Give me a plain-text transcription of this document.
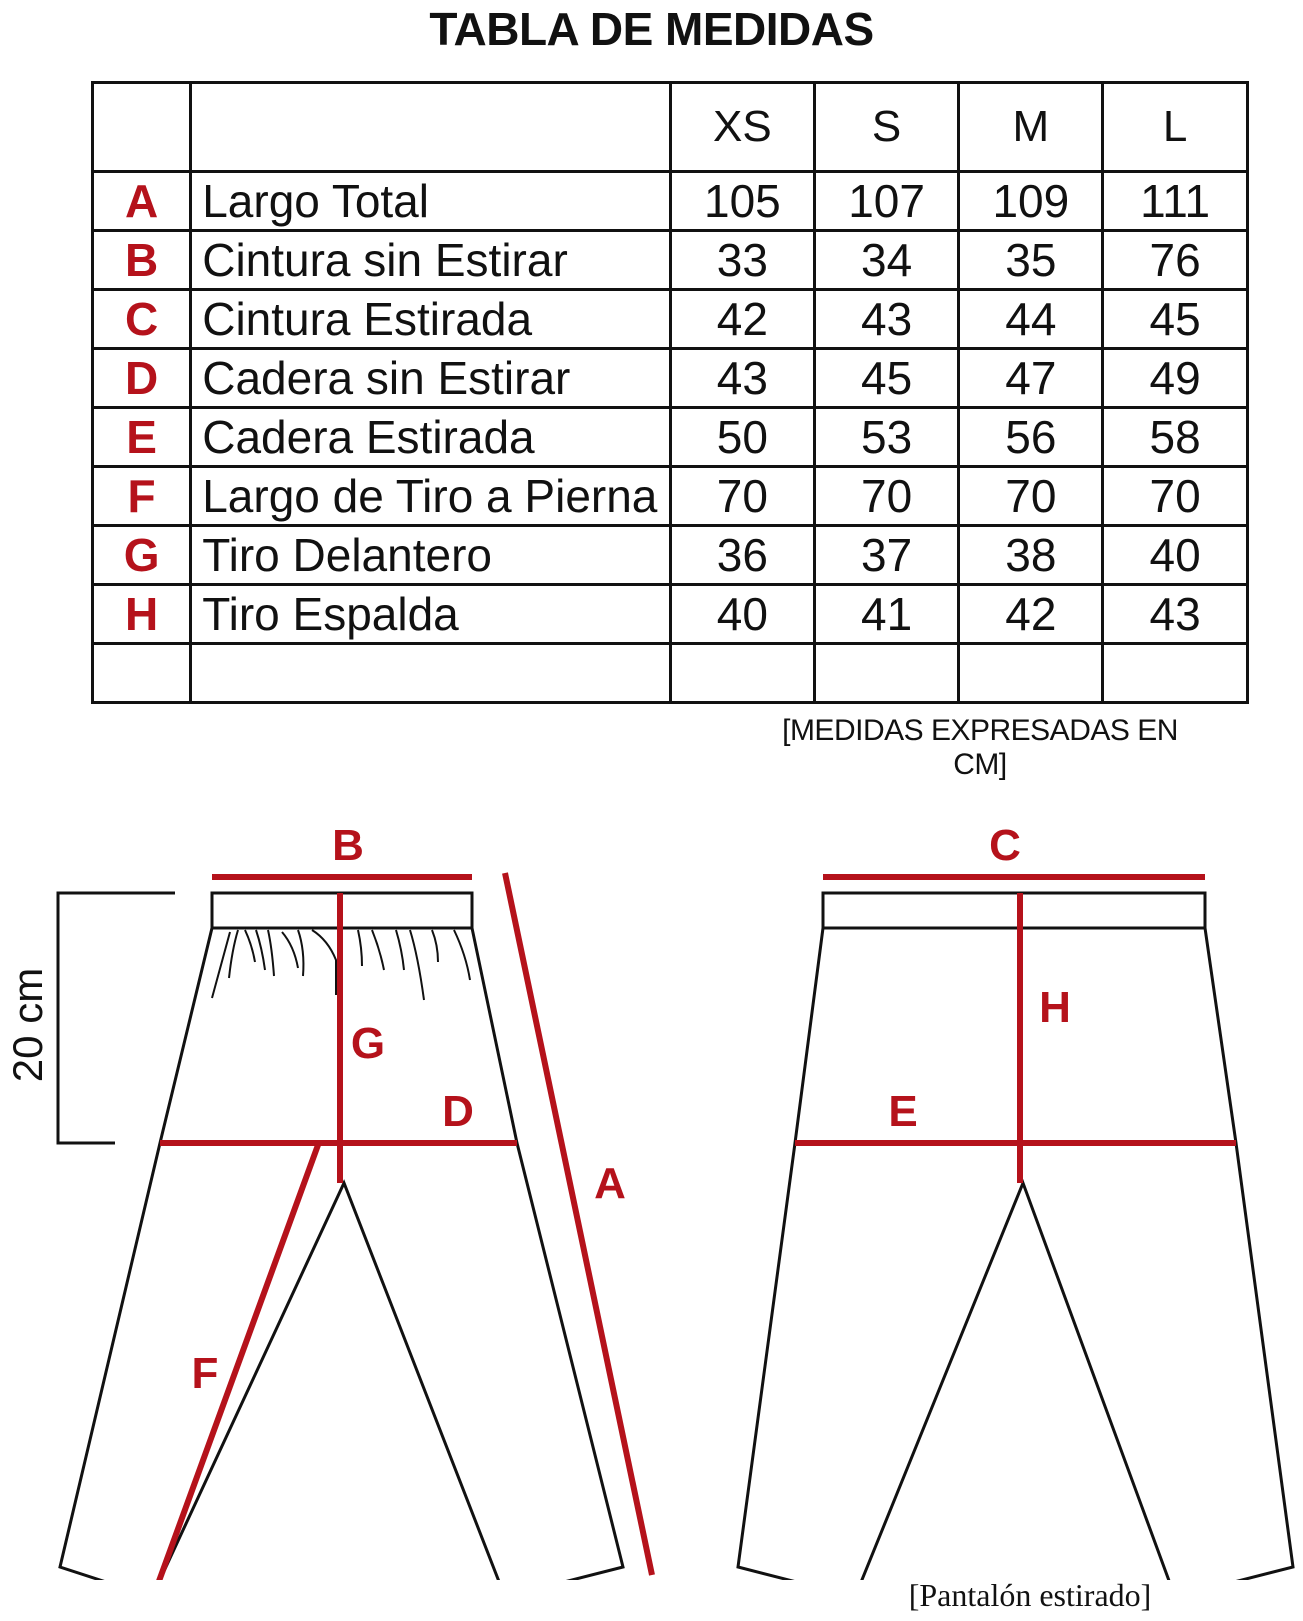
TABLA DE MEDIDAS
		XS	S	M	L
A	Largo Total	105	107	109	111
B	Cintura sin Estirar	33	34	35	76
C	Cintura Estirada	42	43	44	45
D	Cadera sin Estirar	43	45	47	49
E	Cadera Estirada	50	53	56	58
F	Largo de Tiro a Pierna	70	70	70	70
G	Tiro Delantero	36	37	38	40
H	Tiro Espalda	40	41	42	43

[MEDIDAS EXPRESADAS EN CM]
B	C
G
D
A
F
H
E
20 cm
[Pantalón estirado]
